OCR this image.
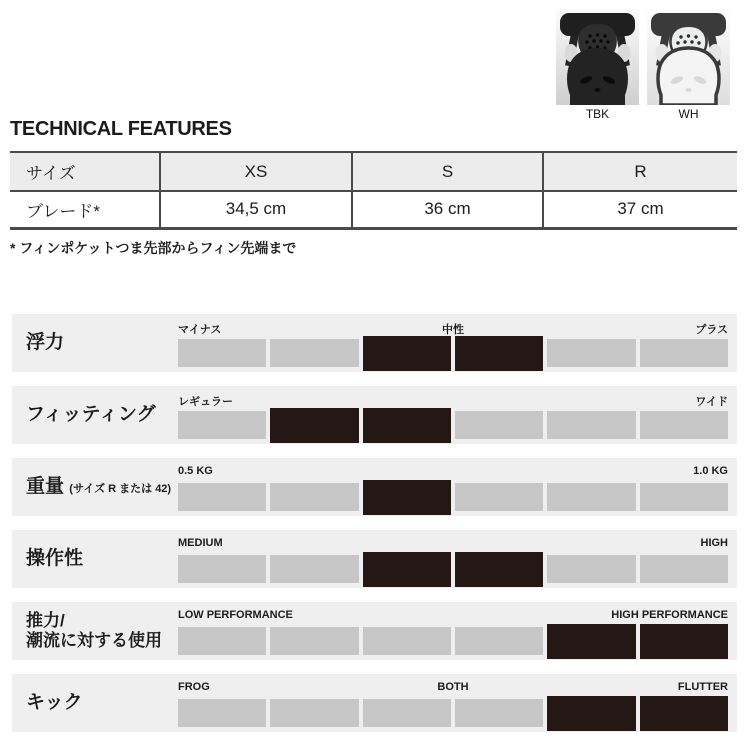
TBK	WH
TECHNICAL FEATURES
サイズ	XS	S	R
ブレード*	34,5 cm	36 cm	37 cm
* フィンポケットつま先部からフィン先端まで
浮力
マイナス	中性	プラス
フィッティング
レギュラー	ワイド
重量 (サイズ R または 42)
0.5 KG	1.0 KG
操作性
MEDIUM	HIGH
推力/
潮流に対する使用
LOW PERFORMANCE	HIGH PERFORMANCE
キック
FROG	BOTH	FLUTTER
